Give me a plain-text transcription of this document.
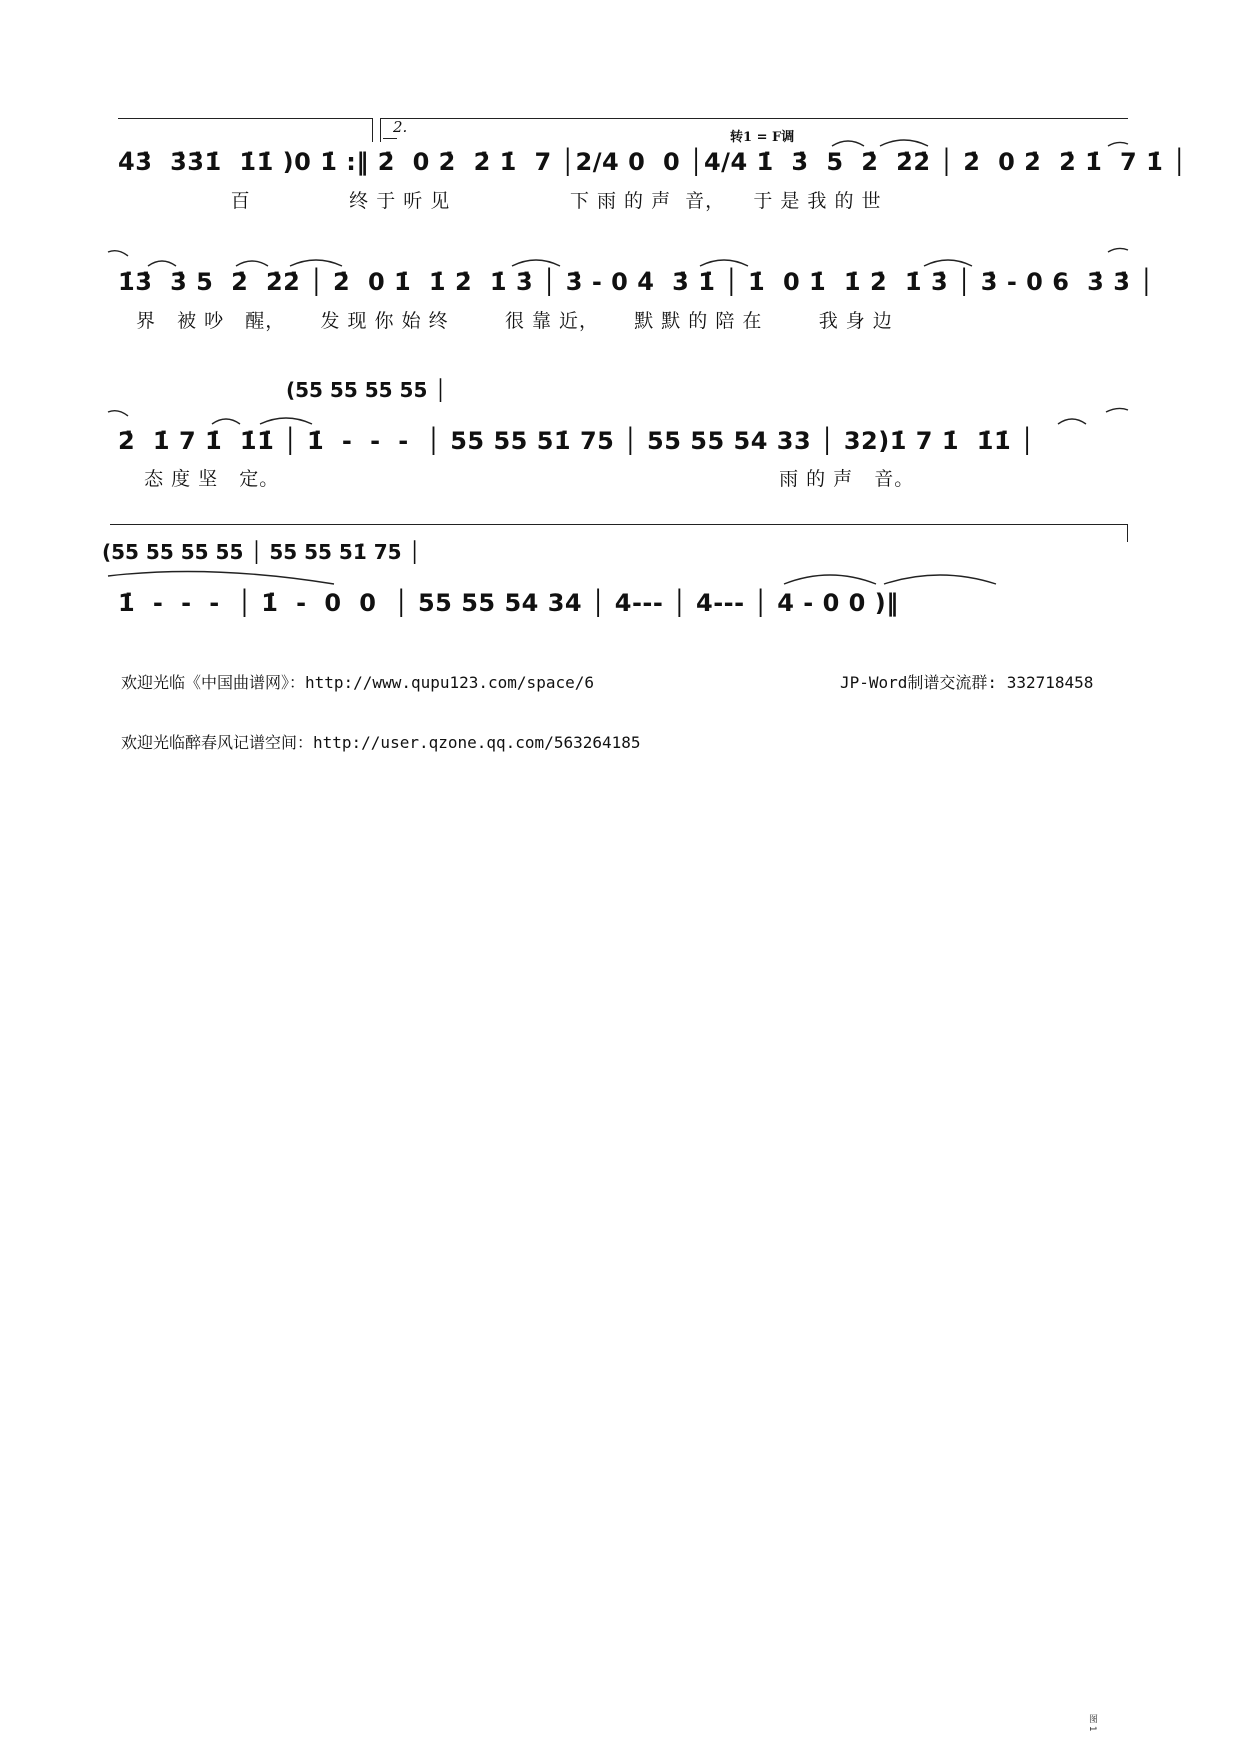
2.
转1 = F调
4̇3̇  3̇3̇1̇  1̇1̇ )0 1̇ :‖ 2̇  0 2̇  2̇ 1̇  7 │2/4 0  0 │4/4 1̇  3̇  5  2̇  2̇2̇ │ 2̇  0 2̇  2̇ 1̇  7 1̇ │
百              终 于 听 见                 下 雨 的 声  音，    于 是 我 的 世
1̇3̇  3̇ 5  2̇  2̇2̇ │ 2̇  0 1̇  1̇ 2̇  1̇ 3̇ │ 3̇ - 0 4̇  3̇ 1̇ │ 1̇  0 1̇  1̇ 2̇  1̇ 3̇ │ 3̇ - 0 6  3̇ 3̇ │
界   被 吵   醒，     发 现 你 始 终        很 靠 近，     默 默 的 陪 在        我 身 边
(55 55 55 55 │
2̇  1̇ 7 1̇  1̇1̇ │ 1̇  -  -  -  │ 55 55 51̇ 75 │ 55 55 54 33 │ 32)1̇ 7 1̇  1̇1̇ │
态 度 坚   定。                                                                       雨 的 声   音。
(55 55 55 55 │ 55 55 51̇ 75 │
1̇  -  -  -  │ 1̇  -  0  0  │ 55 55 54 34 │ 4--- │ 4--- │ 4 - 0 0 )‖
欢迎光临《中国曲谱网》：http://www.qupu123.com/space/6	JP-Word制谱交流群: 332718458
欢迎光临醉春风记谱空间：http://user.qzone.qq.com/563264185
图 1
